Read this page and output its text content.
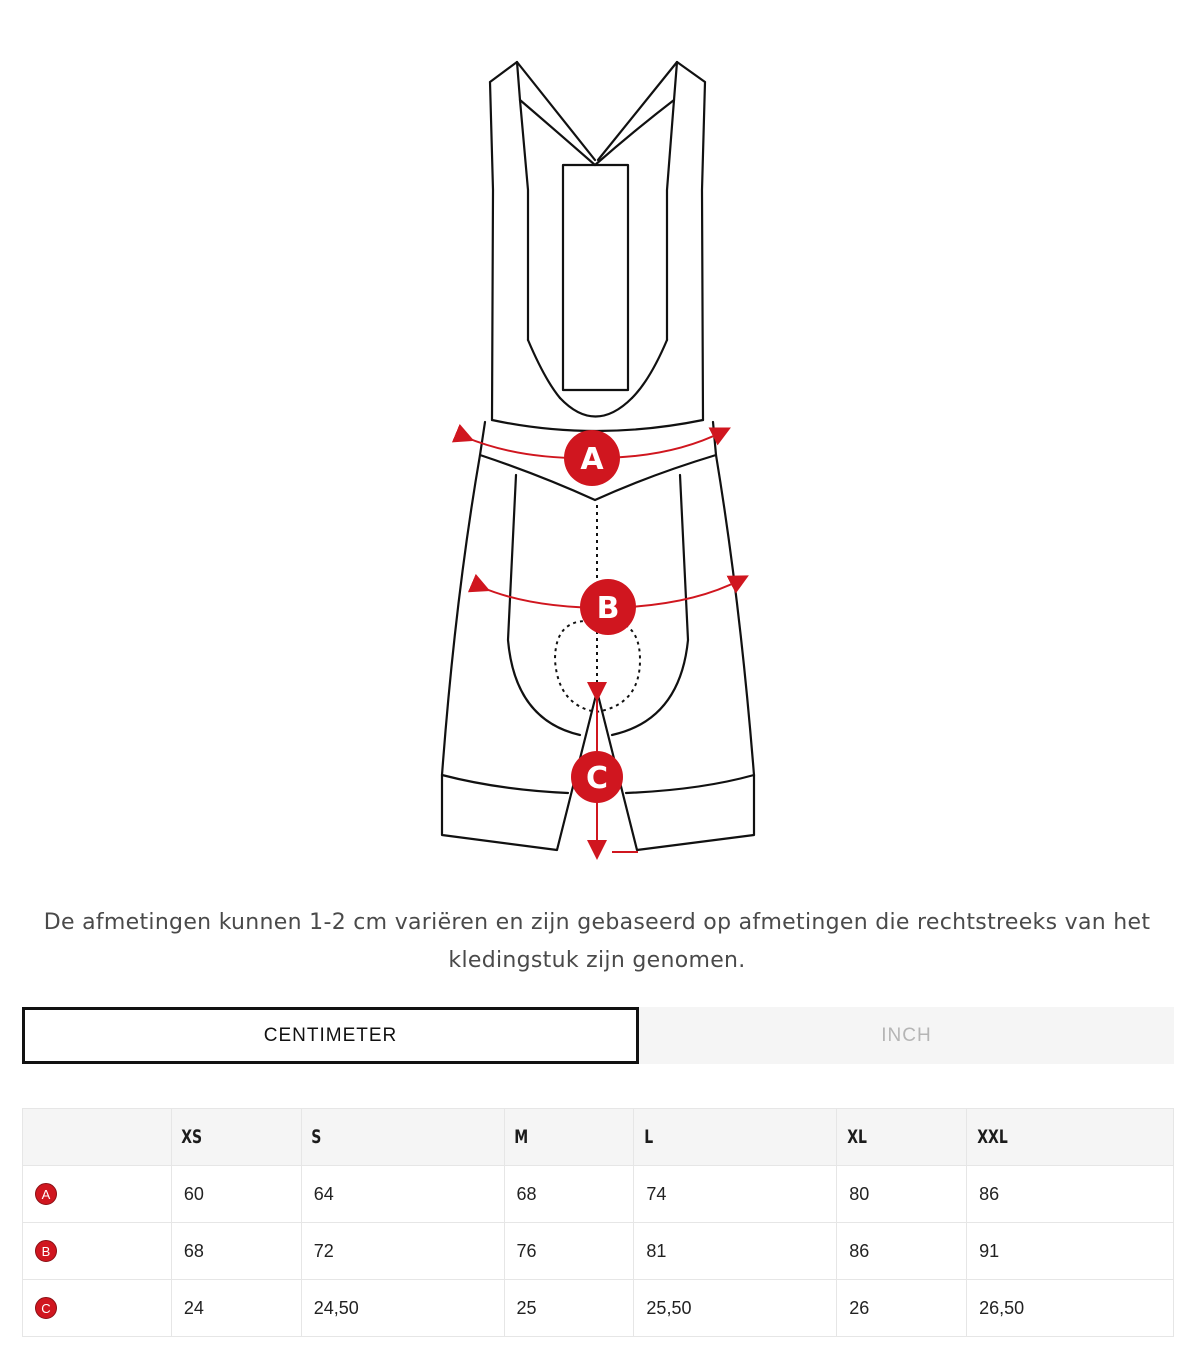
A
B
C
De afmetingen kunnen 1-2 cm variëren en zijn gebaseerd op afmetingen die rechtstreeks van het kledingstuk zijn genomen.
CENTIMETER	INCH
	XS	S	M	L	XL	XXL
A	60	64	68	74	80	86
B	68	72	76	81	86	91
C	24	24,50	25	25,50	26	26,50
